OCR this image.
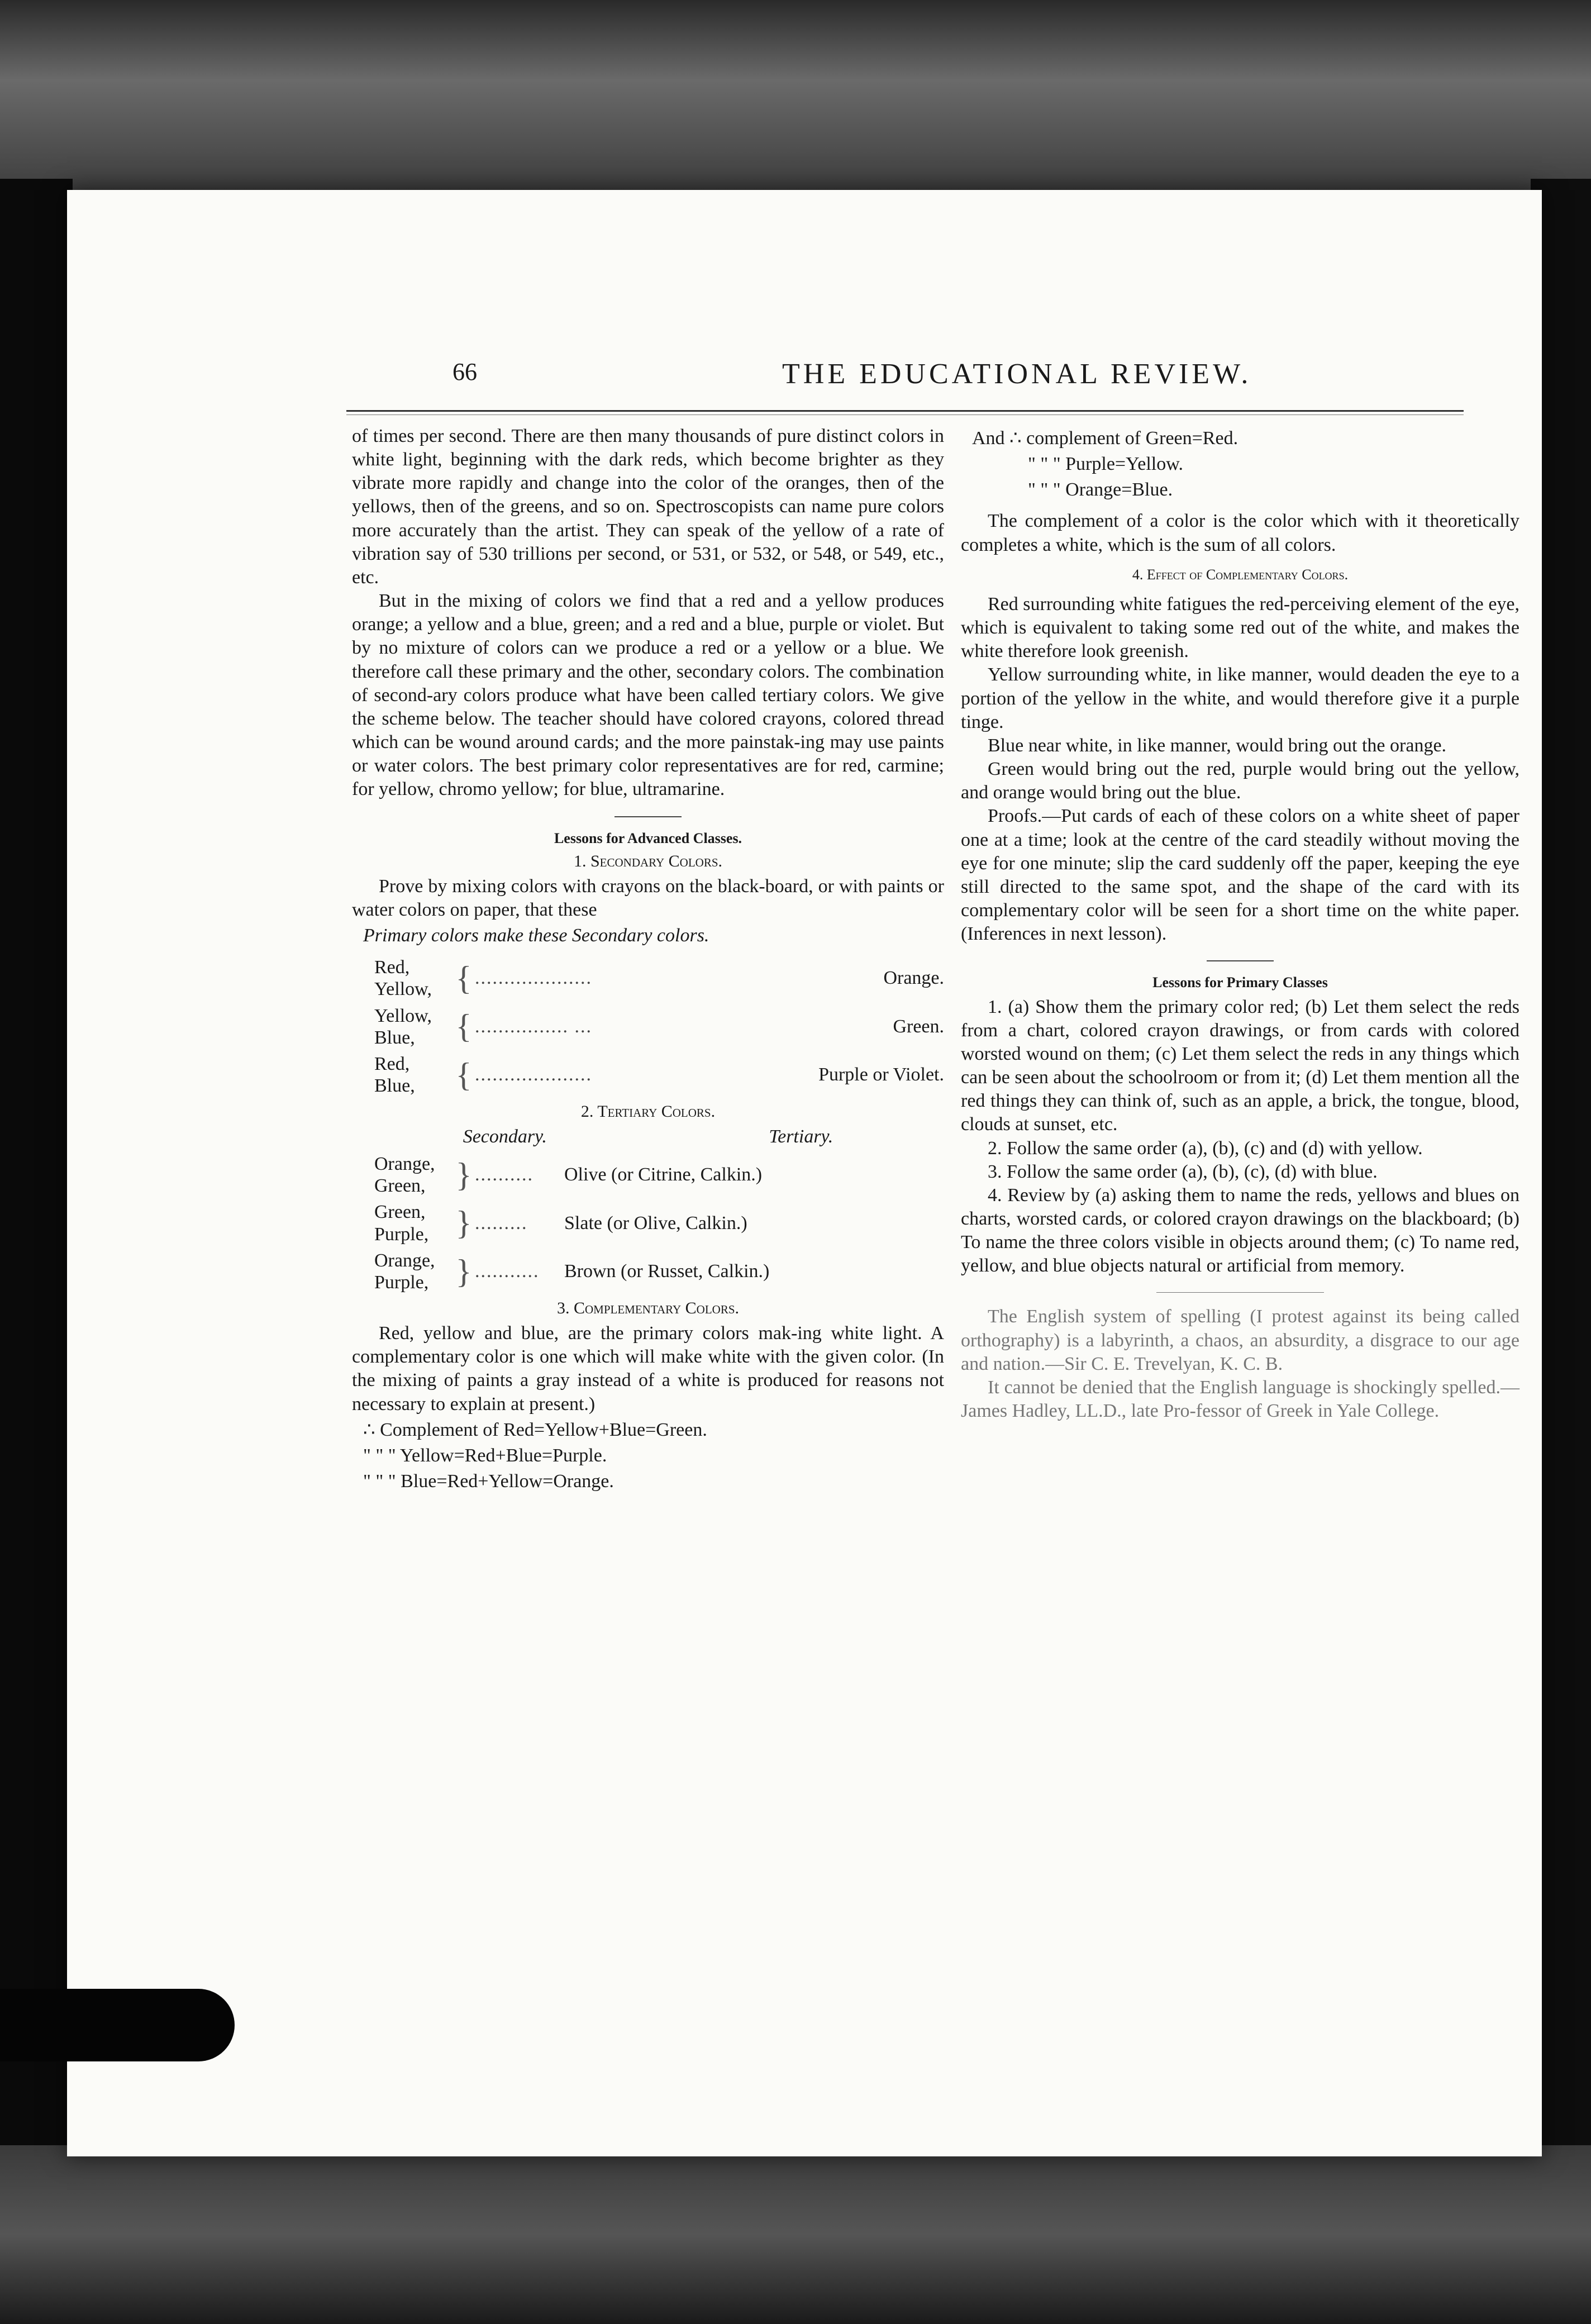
66	THE EDUCATIONAL REVIEW.

of times per second. There are then many thousands of pure distinct colors in white light, beginning with the dark reds, which become brighter as they vibrate more rapidly and change into the color of the oranges, then of the yellows, then of the greens, and so on. Spectroscopists can name pure colors more accurately than the artist. They can speak of the yellow of a rate of vibration say of 530 trillions per second, or 531, or 532, or 548, or 549, etc., etc.

But in the mixing of colors we find that a red and a yellow produces orange; a yellow and a blue, green; and a red and a blue, purple or violet. But by no mixture of colors can we produce a red or a yellow or a blue. We therefore call these primary and the other, secondary colors. The combination of second-ary colors produce what have been called tertiary colors. We give the scheme below. The teacher should have colored crayons, colored thread which can be wound around cards; and the more painstak-ing may use paints or water colors. The best primary color representatives are for red, carmine; for yellow, chromo yellow; for blue, ultramarine.

Lessons for Advanced Classes.
1. Secondary Colors.

Prove by mixing colors with crayons on the black-board, or with paints or water colors on paper, that these

Primary colors make these Secondary colors.

Red,
Yellow, { ....................	Orange.
Yellow,
Blue,	{ ................ ...	Green.
Red,
Blue,	{ ....................	Purple or Violet.
2. Tertiary Colors.
Secondary.	Tertiary.
Orange,
Green, } ..........	Olive (or Citrine, Calkin.)
Green,
Purple, } .........	Slate (or Olive, Calkin.)
Orange,
Purple, } ...........	Brown (or Russet, Calkin.)
3. Complementary Colors.

Red, yellow and blue, are the primary colors mak-ing white light. A complementary color is one which will make white with the given color. (In the mixing of paints a gray instead of a white is produced for reasons not necessary to explain at present.)

∴ Complement of Red=Yellow+Blue=Green.
" " " Yellow=Red+Blue=Purple.
" " " Blue=Red+Yellow=Orange.
And ∴ complement of Green=Red.
" " " Purple=Yellow.
" " " Orange=Blue.

The complement of a color is the color which with it theoretically completes a white, which is the sum of all colors.

4. Effect of Complementary Colors.

Red surrounding white fatigues the red-perceiving element of the eye, which is equivalent to taking some red out of the white, and makes the white therefore look greenish.

Yellow surrounding white, in like manner, would deaden the eye to a portion of the yellow in the white, and would therefore give it a purple tinge.

Blue near white, in like manner, would bring out the orange.

Green would bring out the red, purple would bring out the yellow, and orange would bring out the blue.

Proofs.—Put cards of each of these colors on a white sheet of paper one at a time; look at the centre of the card steadily without moving the eye for one minute; slip the card suddenly off the paper, keeping the eye still directed to the same spot, and the shape of the card with its complementary color will be seen for a short time on the white paper. (Inferences in next lesson).

Lessons for Primary Classes

1. (a) Show them the primary color red; (b) Let them select the reds from a chart, colored crayon drawings, or from cards with colored worsted wound on them; (c) Let them select the reds in any things which can be seen about the schoolroom or from it; (d) Let them mention all the red things they can think of, such as an apple, a brick, the tongue, blood, clouds at sunset, etc.

2. Follow the same order (a), (b), (c) and (d) with yellow.

3. Follow the same order (a), (b), (c), (d) with blue.

4. Review by (a) asking them to name the reds, yellows and blues on charts, worsted cards, or colored crayon drawings on the blackboard; (b) To name the three colors visible in objects around them; (c) To name red, yellow, and blue objects natural or artificial from memory.

The English system of spelling (I protest against its being called orthography) is a labyrinth, a chaos, an absurdity, a disgrace to our age and nation.—Sir C. E. Trevelyan, K. C. B.

It cannot be denied that the English language is shockingly spelled.—James Hadley, LL.D., late Pro-fessor of Greek in Yale College.
